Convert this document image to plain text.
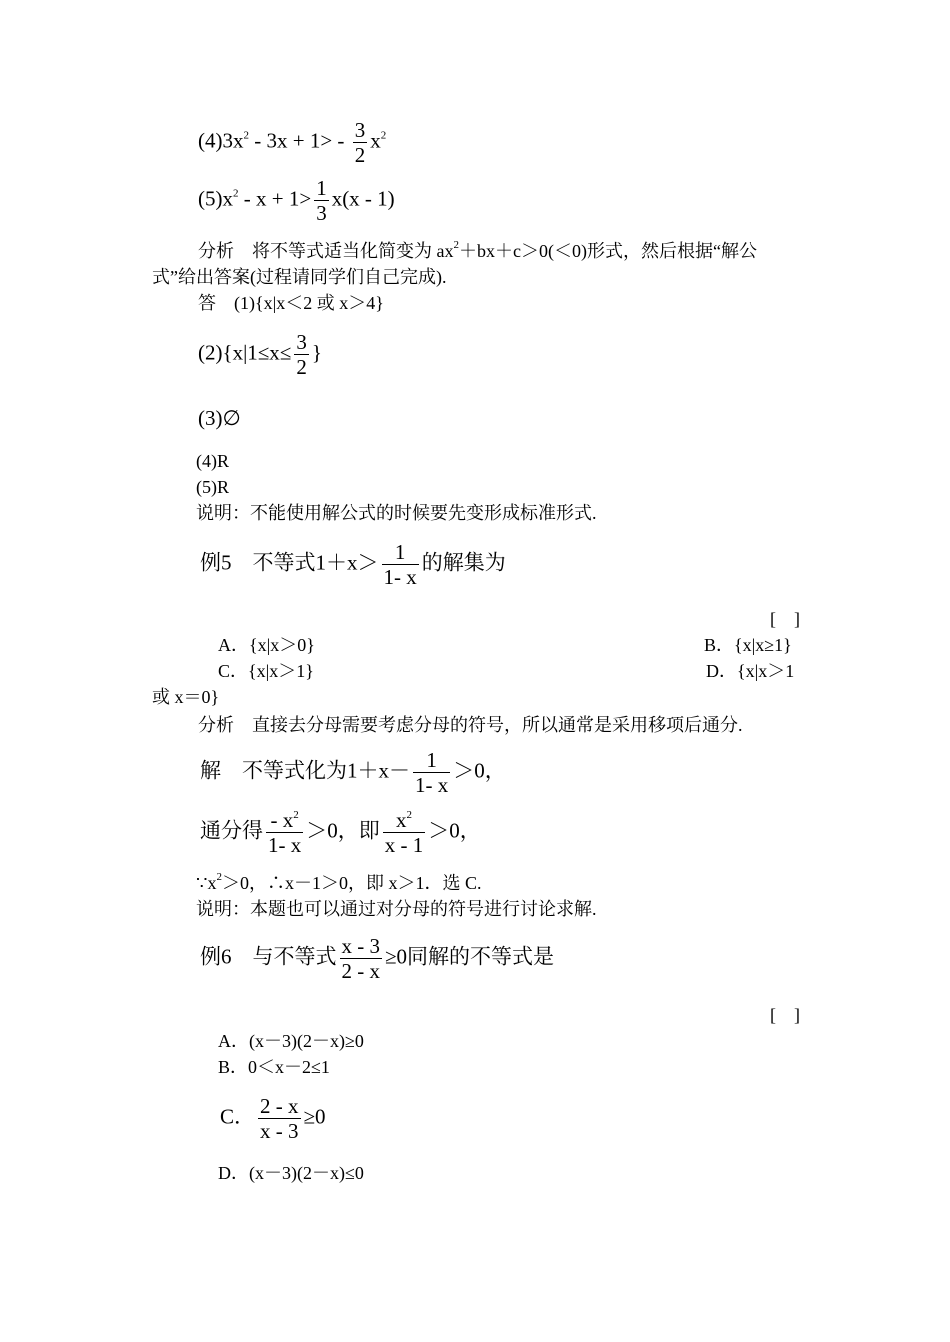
$(4)3x^2 - 3x + 1> - \frac{3}{2} x^2$
$(5)x^2 - x + 1> \frac{1}{3} x(x - 1)$
分析　将不等式适当化简变为 $ax^2+bx+c>0(<0)$形式，然后根据“解公
式”给出答案(过程请同学们自己完成).
答　(1){x|x＜2 或 x＞4}
$(2)\{x|1\le x\le \frac{3}{2}$ }
(3)∅
(4)R
(5)R
说明：不能使用解公式的时候要先变形成标准形式.
例5　不等式$1+x> \frac{1}{1- x}$ 的解集为
[　]
A．{x|x＞0}	B．{x|x≥1}
C．{x|x＞1}	D．{x|x＞1
或 x＝0}
分析　直接去分母需要考虑分母的符号，所以通常是采用移项后通分.
解　不等式化为$1+x- \frac{1}{1- x} >0$，
通分得 $\frac{- x^2}{1- x} >0$，即 $\frac{x^2}{x - 1} >0$，
$\because x^2>0$，∴x－1＞0，即 x＞1．选 C.
说明：本题也可以通过对分母的符号进行讨论求解.
例6　与不等式 $\frac{x - 3}{2 - x} \ge 0$同解的不等式是
[　]
A．(x－3)(2－x)≥0
B．0＜x－2≤1
C． $\frac{2 - x}{x - 3} \ge 0$
D．(x－3)(2－x)≤0
